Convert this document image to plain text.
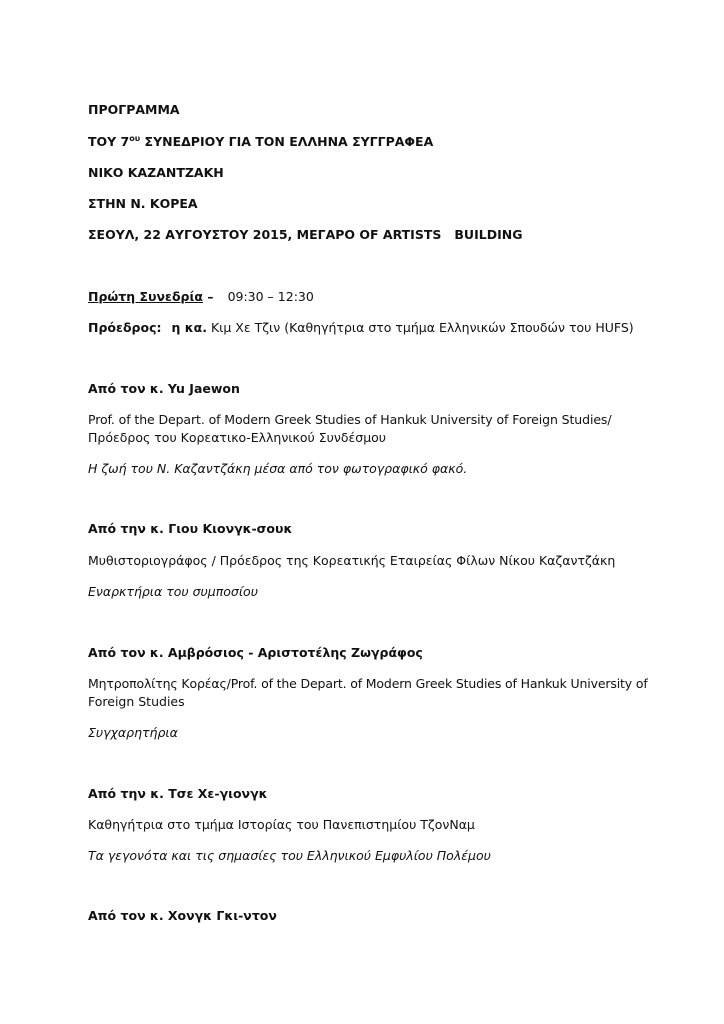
ΠΡΟΓΡΑΜΜΑ
ΤΟΥ $7^{o\upsilon}$ ΣΥΝΕΔΡΙΟΥ ΓΙΑ ΤΟΝ ΕΛΛΗΝΑ ΣΥΓΓΡΑΦΕΑ
ΝΙΚΟ ΚΑΖΑΝΤΖΑΚΗ
ΣΤΗΝ Ν. ΚΟΡΕΑ
ΣΕΟΥΛ, 22 ΑΥΓΟΥΣΤΟΥ 2015, ΜΕΓΑΡΟ OF ARTISTS   BUILDING
Πρώτη Συνεδρία – 09:30 – 12:30
Πρόεδρος: η κα. Κιμ Χε Τζιν (Καθηγήτρια στο τμήμα Ελληνικών Σπουδών του HUFS)
Από τον κ. Yu Jaewon
Prof. of the Depart. of Modern Greek Studies of Hankuk University of Foreign Studies/
Πρόεδρος του Κορεατικο-Ελληνικού Συνδέσμου
Η ζωή του Ν. Καζαντζάκη μέσα από τον φωτογραφικό φακό.
Από την κ. Γιου Κιονγκ-σουκ
Μυθιστοριογράφος / Πρόεδρος της Κορεατικής Εταιρείας Φίλων Νίκου Καζαντζάκη
Εναρκτήρια του συμποσίου
Από τον κ. Αμβρόσιος - Αριστοτέλης Ζωγράφος
Μητροπολίτης Κορέας/Prof. of the Depart. of Modern Greek Studies of Hankuk University of
Foreign Studies
Συγχαρητήρια
Από την κ. Τσε Χε-γιονγκ
Καθηγήτρια στο τμήμα Ιστορίας του Πανεπιστημίου ΤζονΝαμ
Τα γεγονότα και τις σημασίες του Ελληνικού Εμφυλίου Πολέμου
Από τον κ. Χονγκ Γκι-ντον
